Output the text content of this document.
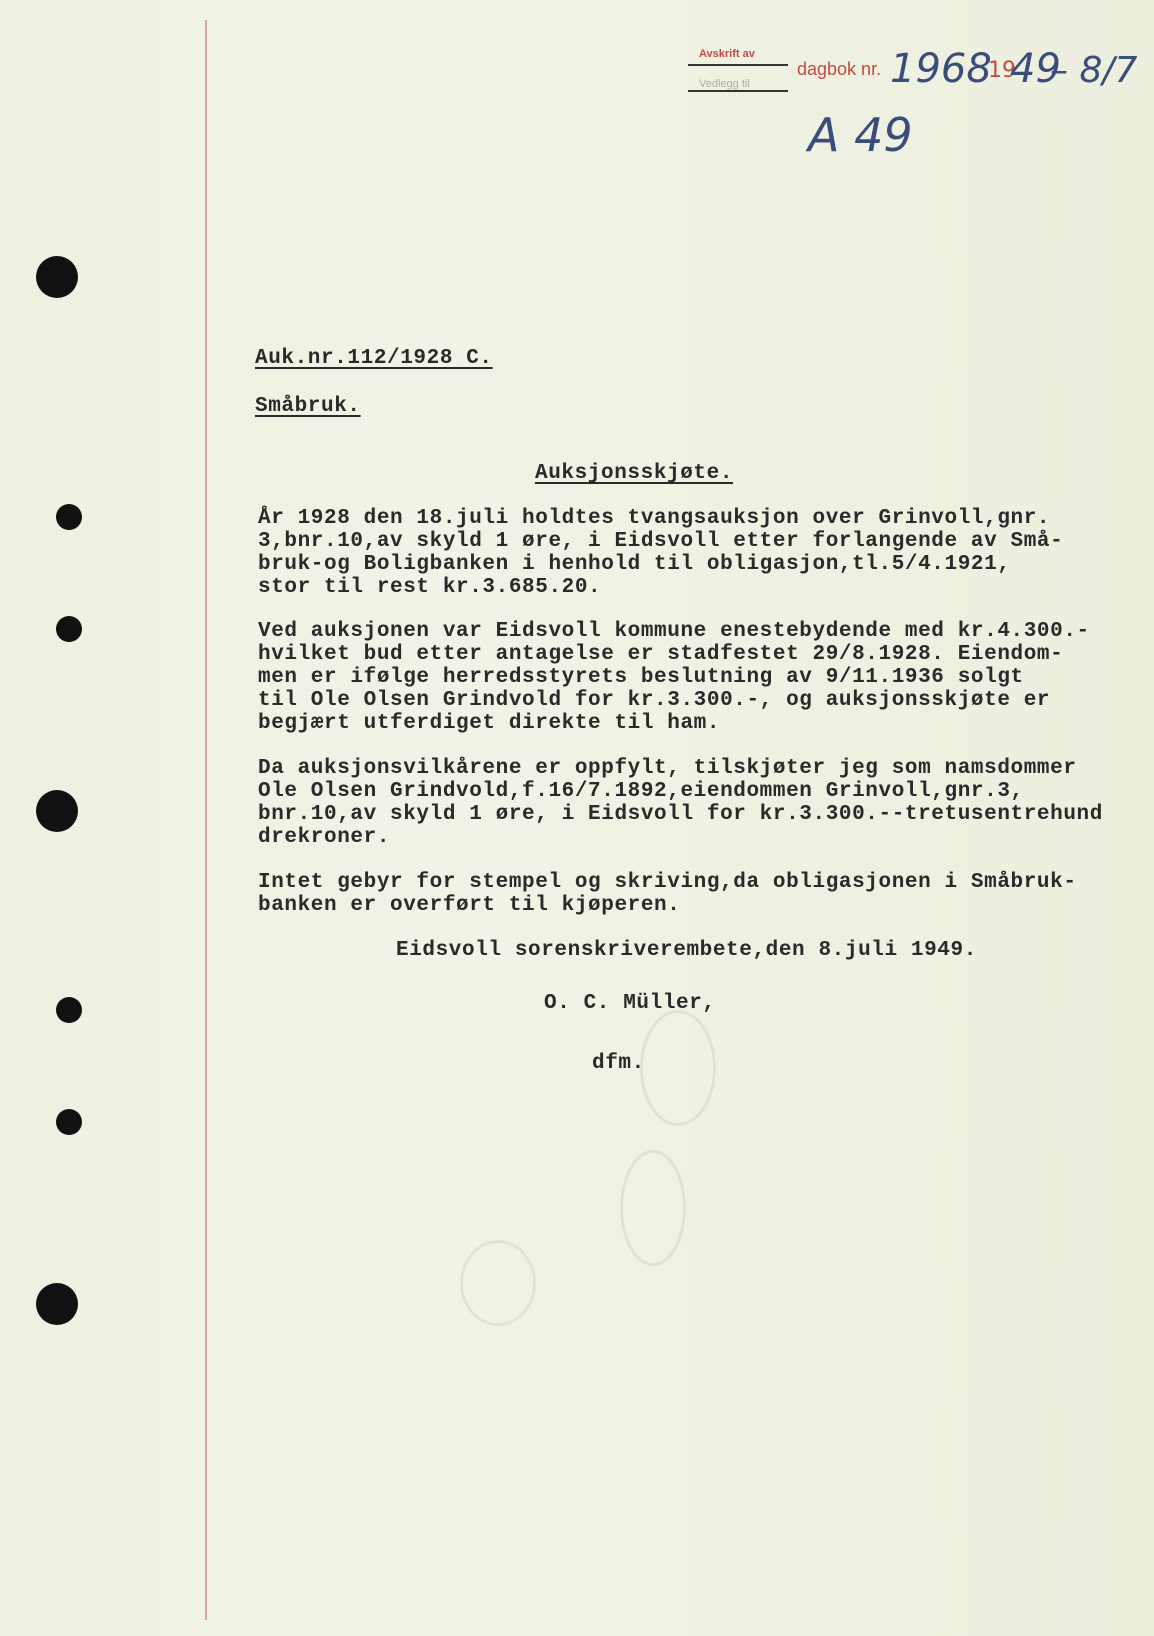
Avskrift av
Vedlegg til
dagbok nr. 1968
19
49
– 8/7
A 49
Auk.nr.112/1928 C.
Småbruk.
Auksjonsskjøte.
År 1928 den 18.juli holdtes tvangsauksjon over Grinvoll,gnr.
3,bnr.10,av skyld 1 øre, i Eidsvoll etter forlangende av Små-
bruk-og Boligbanken i henhold til obligasjon,tl.5/4.1921,
stor til rest kr.3.685.20.
Ved auksjonen var Eidsvoll kommune enestebydende med kr.4.300.-
hvilket bud etter antagelse er stadfestet 29/8.1928. Eiendom-
men er ifølge herredsstyrets beslutning av 9/11.1936 solgt
til Ole Olsen Grindvold for kr.3.300.-, og auksjonsskjøte er
begjært utferdiget direkte til ham.
Da auksjonsvilkårene er oppfylt, tilskjøter jeg som namsdommer
Ole Olsen Grindvold,f.16/7.1892,eiendommen Grinvoll,gnr.3,
bnr.10,av skyld 1 øre, i Eidsvoll for kr.3.300.--tretusentrehund
drekroner.
Intet gebyr for stempel og skriving,da obligasjonen i Småbruk-
banken er overført til kjøperen.
Eidsvoll sorenskriverembete,den 8.juli 1949.
O. C. Müller,
dfm.
